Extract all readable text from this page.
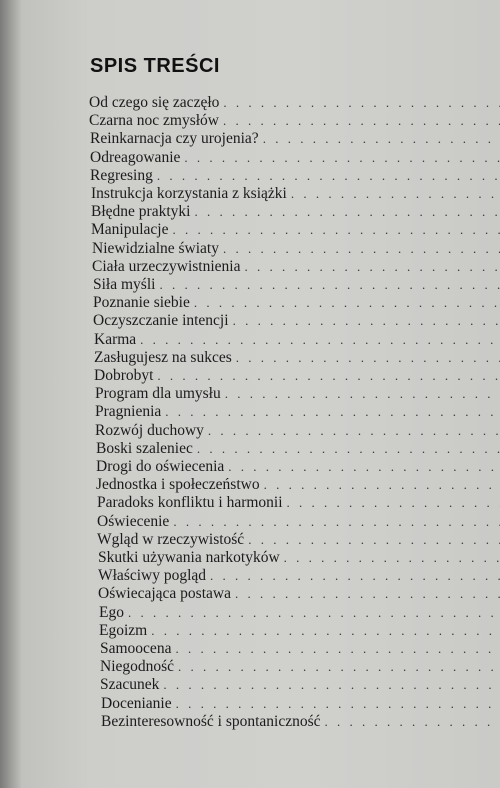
SPIS TREŚCI
Od czego się zaczęło
. . .
Czarna noc zmysłów
. . .
Reinkarnacja czy urojenia?
. . .
Odreagowanie
. . .
Regresing
. . .
Instrukcja korzystania z książki
. . .
Błędne praktyki
. . .
Manipulacje
. . .
Niewidzialne światy
. . .
Ciała urzeczywistnienia
. . .
Siła myśli
. . .
Poznanie siebie
. . .
Oczyszczanie intencji
. . .
Karma
. . .
Zasługujesz na sukces
. . .
Dobrobyt
. . .
Program dla umysłu
. . .
Pragnienia
. . .
Rozwój duchowy
. . .
Boski szaleniec
. . .
Drogi do oświecenia
. . .
Jednostka i społeczeństwo
. . .
Paradoks konfliktu i harmonii
. . .
Oświecenie
. . .
Wgląd w rzeczywistość
. . .
Skutki używania narkotyków
. . .
Właściwy pogląd
. . .
Oświecająca postawa
. . .
Ego
. . .
Egoizm
. . .
Samoocena
. . .
Niegodność
. . .
Szacunek
. . .
Docenianie
. . .
Bezinteresowność i spontaniczność
. . .
